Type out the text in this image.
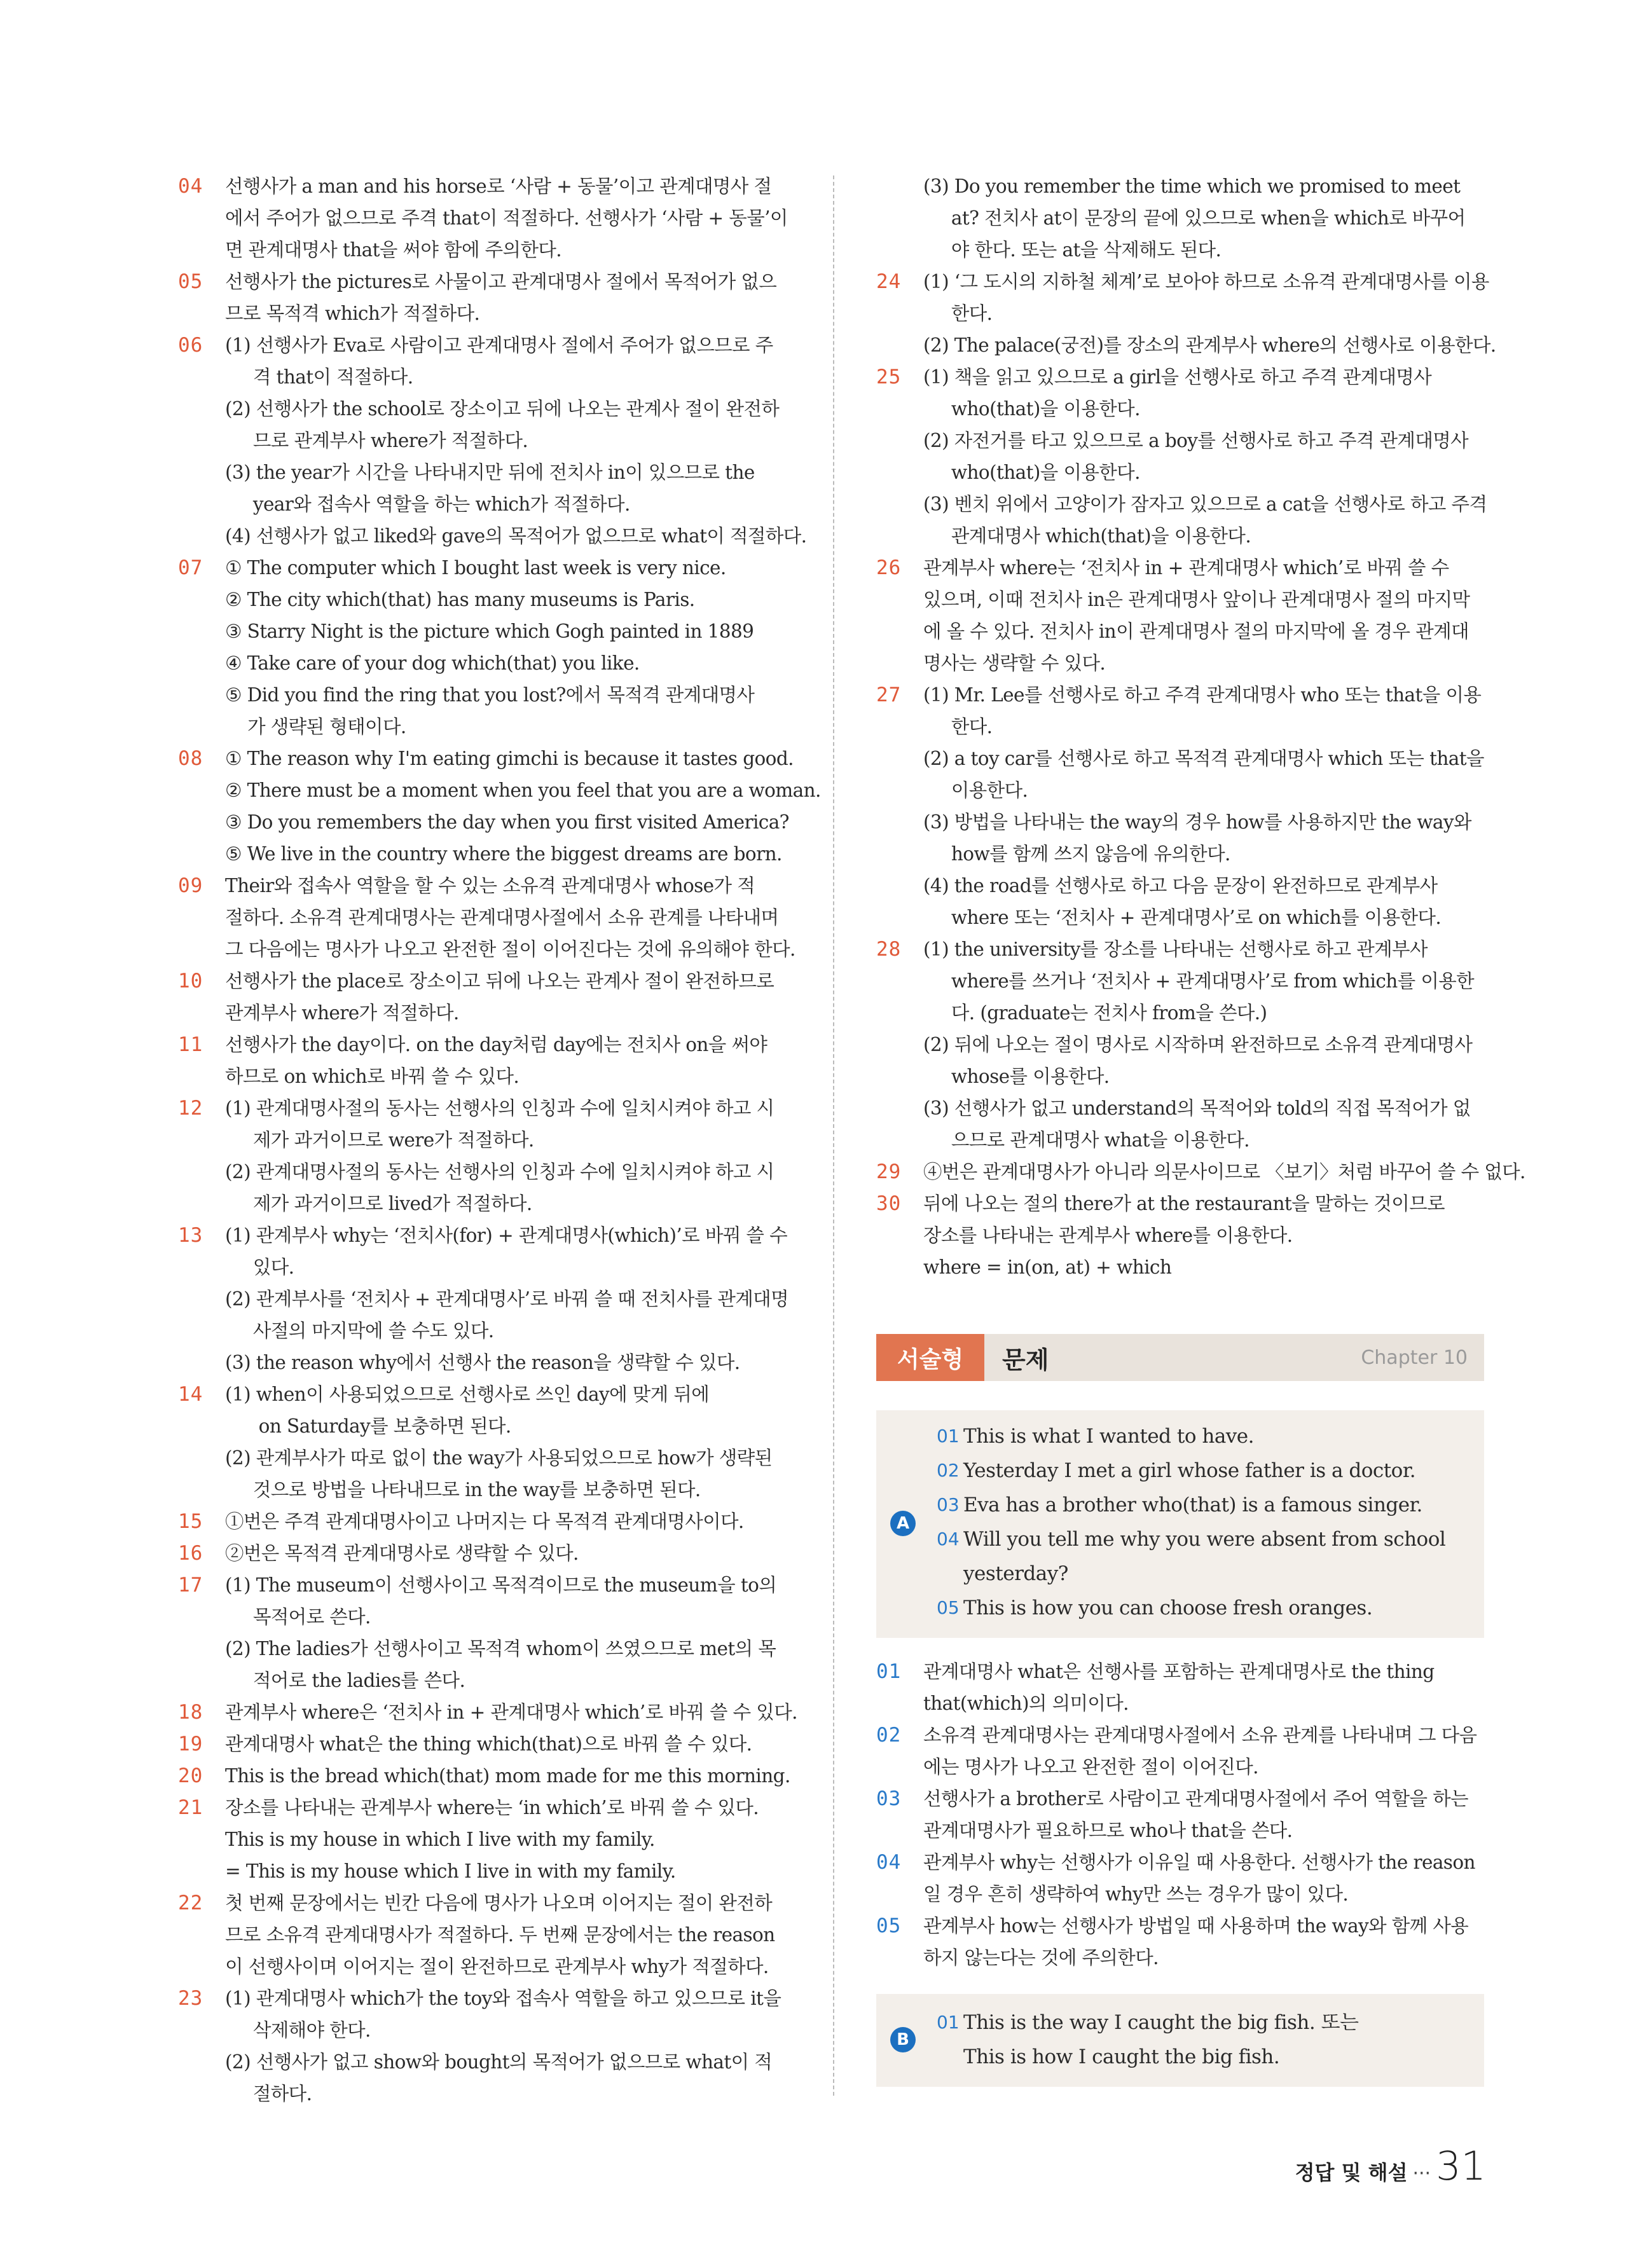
04	선행사가 a man and his horse로 ‘사람 + 동물’이고 관계대명사 절
에서 주어가 없으므로 주격 that이 적절하다. 선행사가 ‘사람 + 동물’이
면 관계대명사 that을 써야 함에 주의한다.
05	선행사가 the pictures로 사물이고 관계대명사 절에서 목적어가 없으
므로 목적격 which가 적절하다.
06	(1) 선행사가 Eva로 사람이고 관계대명사 절에서 주어가 없으므로 주
격 that이 적절하다.
(2) 선행사가 the school로 장소이고 뒤에 나오는 관계사 절이 완전하
므로 관계부사 where가 적절하다.
(3) the year가 시간을 나타내지만 뒤에 전치사 in이 있으므로 the
year와 접속사 역할을 하는 which가 적절하다.
(4) 선행사가 없고 liked와 gave의 목적어가 없으므로 what이 적절하다.
07	① The computer which I bought last week is very nice.
② The city which(that) has many museums is Paris.
③ Starry Night is the picture which Gogh painted in 1889
④ Take care of your dog which(that) you like.
⑤ Did you find the ring that you lost?에서 목적격 관계대명사
가 생략된 형태이다.
08	① The reason why I'm eating gimchi is because it tastes good.
② There must be a moment when you feel that you are a woman.
③ Do you remembers the day when you first visited America?
⑤ We live in the country where the biggest dreams are born.
09	Their와 접속사 역할을 할 수 있는 소유격 관계대명사 whose가 적
절하다. 소유격 관계대명사는 관계대명사절에서 소유 관계를 나타내며
그 다음에는 명사가 나오고 완전한 절이 이어진다는 것에 유의해야 한다.
10	선행사가 the place로 장소이고 뒤에 나오는 관계사 절이 완전하므로
관계부사 where가 적절하다.
11	선행사가 the day이다. on the day처럼 day에는 전치사 on을 써야
하므로 on which로 바꿔 쓸 수 있다.
12	(1) 관계대명사절의 동사는 선행사의 인칭과 수에 일치시켜야 하고 시
제가 과거이므로 were가 적절하다.
(2) 관계대명사절의 동사는 선행사의 인칭과 수에 일치시켜야 하고 시
제가 과거이므로 lived가 적절하다.
13	(1) 관계부사 why는 ‘전치사(for) + 관계대명사(which)’로 바꿔 쓸 수
있다.
(2) 관계부사를 ‘전치사 + 관계대명사’로 바꿔 쓸 때 전치사를 관계대명
사절의 마지막에 쓸 수도 있다.
(3) the reason why에서 선행사 the reason을 생략할 수 있다.
14	(1) when이 사용되었으므로 선행사로 쓰인 day에 맞게 뒤에
on Saturday를 보충하면 된다.
(2) 관계부사가 따로 없이 the way가 사용되었으므로 how가 생략된
것으로 방법을 나타내므로 in the way를 보충하면 된다.
15	①번은 주격 관계대명사이고 나머지는 다 목적격 관계대명사이다.
16	②번은 목적격 관계대명사로 생략할 수 있다.
17	(1) The museum이 선행사이고 목적격이므로 the museum을 to의
목적어로 쓴다.
(2) The ladies가 선행사이고 목적격 whom이 쓰였으므로 met의 목
적어로 the ladies를 쓴다.
18	관계부사 where은 ‘전치사 in + 관계대명사 which’로 바꿔 쓸 수 있다.
19	관계대명사 what은 the thing which(that)으로 바꿔 쓸 수 있다.
20	This is the bread which(that) mom made for me this morning.
21	장소를 나타내는 관계부사 where는 ‘in which’로 바꿔 쓸 수 있다.
This is my house in which I live with my family.
= This is my house which I live in with my family.
22	첫 번째 문장에서는 빈칸 다음에 명사가 나오며 이어지는 절이 완전하
므로 소유격 관계대명사가 적절하다. 두 번째 문장에서는 the reason
이 선행사이며 이어지는 절이 완전하므로 관계부사 why가 적절하다.
23	(1) 관계대명사 which가 the toy와 접속사 역할을 하고 있으므로 it을
삭제해야 한다.
(2) 선행사가 없고 show와 bought의 목적어가 없으므로 what이 적
절하다.
(3) Do you remember the time which we promised to meet
at? 전치사 at이 문장의 끝에 있으므로 when을 which로 바꾸어
야 한다. 또는 at을 삭제해도 된다.
24	(1) ‘그 도시의 지하철 체계’로 보아야 하므로 소유격 관계대명사를 이용
한다.
(2) The palace(궁전)를 장소의 관계부사 where의 선행사로 이용한다.
25	(1) 책을 읽고 있으므로 a girl을 선행사로 하고 주격 관계대명사
who(that)을 이용한다.
(2) 자전거를 타고 있으므로 a boy를 선행사로 하고 주격 관계대명사
who(that)을 이용한다.
(3) 벤치 위에서 고양이가 잠자고 있으므로 a cat을 선행사로 하고 주격
관계대명사 which(that)을 이용한다.
26	관계부사 where는 ‘전치사 in + 관계대명사 which’로 바꿔 쓸 수
있으며, 이때 전치사 in은 관계대명사 앞이나 관계대명사 절의 마지막
에 올 수 있다. 전치사 in이 관계대명사 절의 마지막에 올 경우 관계대
명사는 생략할 수 있다.
27	(1) Mr. Lee를 선행사로 하고 주격 관계대명사 who 또는 that을 이용
한다.
(2) a toy car를 선행사로 하고 목적격 관계대명사 which 또는 that을
이용한다.
(3) 방법을 나타내는 the way의 경우 how를 사용하지만 the way와
how를 함께 쓰지 않음에 유의한다.
(4) the road를 선행사로 하고 다음 문장이 완전하므로 관계부사
where 또는 ‘전치사 + 관계대명사’로 on which를 이용한다.
28	(1) the university를 장소를 나타내는 선행사로 하고 관계부사
where를 쓰거나 ‘전치사 + 관계대명사’로 from which를 이용한
다. (graduate는 전치사 from을 쓴다.)
(2) 뒤에 나오는 절이 명사로 시작하며 완전하므로 소유격 관계대명사
whose를 이용한다.
(3) 선행사가 없고 understand의 목적어와 told의 직접 목적어가 없
으므로 관계대명사 what을 이용한다.
29	④번은 관계대명사가 아니라 의문사이므로 〈보기〉처럼 바꾸어 쓸 수 없다.
30	뒤에 나오는 절의 there가 at the restaurant을 말하는 것이므로
장소를 나타내는 관계부사 where를 이용한다.
where = in(on, at) + which
서술형	문제	Chapter 10
A
01 This is what I wanted to have.
02 Yesterday I met a girl whose father is a doctor.
03 Eva has a brother who(that) is a famous singer.
04 Will you tell me why you were absent from school
yesterday?
05 This is how you can choose fresh oranges.
01	관계대명사 what은 선행사를 포함하는 관계대명사로 the thing
that(which)의 의미이다.
02	소유격 관계대명사는 관계대명사절에서 소유 관계를 나타내며 그 다음
에는 명사가 나오고 완전한 절이 이어진다.
03	선행사가 a brother로 사람이고 관계대명사절에서 주어 역할을 하는
관계대명사가 필요하므로 who나 that을 쓴다.
04	관계부사 why는 선행사가 이유일 때 사용한다. 선행사가 the reason
일 경우 흔히 생략하여 why만 쓰는 경우가 많이 있다.
05	관계부사 how는 선행사가 방법일 때 사용하며 the way와 함께 사용
하지 않는다는 것에 주의한다.
B
01 This is the way I caught the big fish. 또는
This is how I caught the big fish.
정답 및 해설 ··· 31
